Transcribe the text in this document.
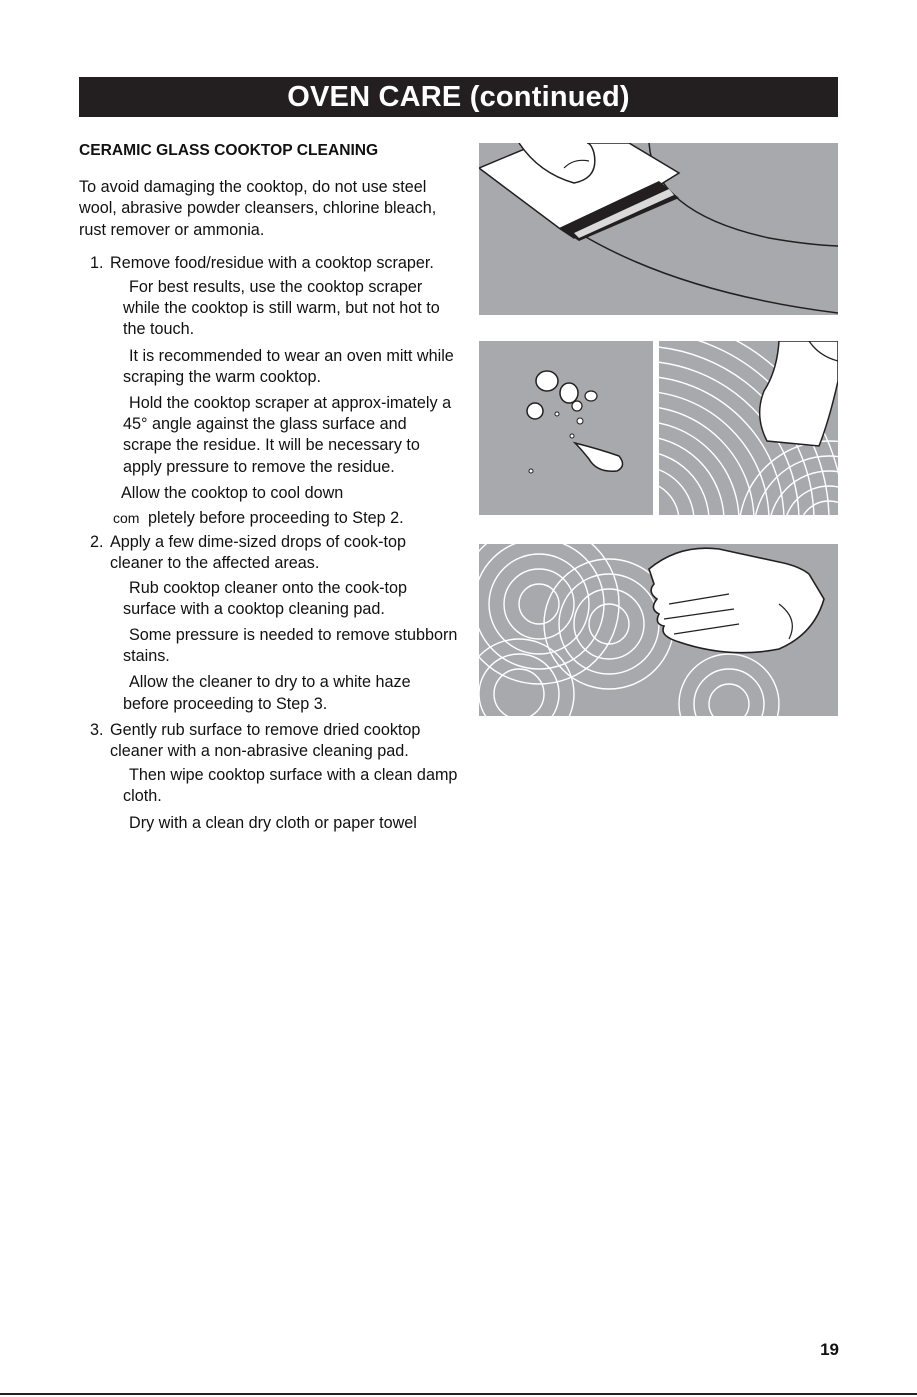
OVEN CARE (continued)
CERAMIC GLASS COOKTOP CLEANING
To avoid damaging the cooktop, do not use steel wool, abrasive powder cleansers, chlorine bleach, rust remover or ammonia.
1. Remove food/residue with a cooktop scraper.
For best results, use the cooktop scraper while the cooktop is still warm, but not hot to the touch.
It is recommended to wear an oven mitt while scraping the warm cooktop.
Hold the cooktop scraper at approx-imately a 45° angle against the glass surface and scrape the residue. It will be necessary to apply pressure to remove the residue.
Allow the cooktop to cool down
com pletely before proceeding to Step 2.
2. Apply a few dime-sized drops of cook-top cleaner to the affected areas.
Rub cooktop cleaner onto the cook-top surface with a cooktop cleaning pad.
Some pressure is needed to remove stubborn stains.
Allow the cleaner to dry to a white haze before proceeding to Step 3.
3. Gently rub surface to remove dried cooktop cleaner with a non-abrasive cleaning pad.
Then wipe cooktop surface with a clean damp cloth.
Dry with a clean dry cloth or paper towel
19
